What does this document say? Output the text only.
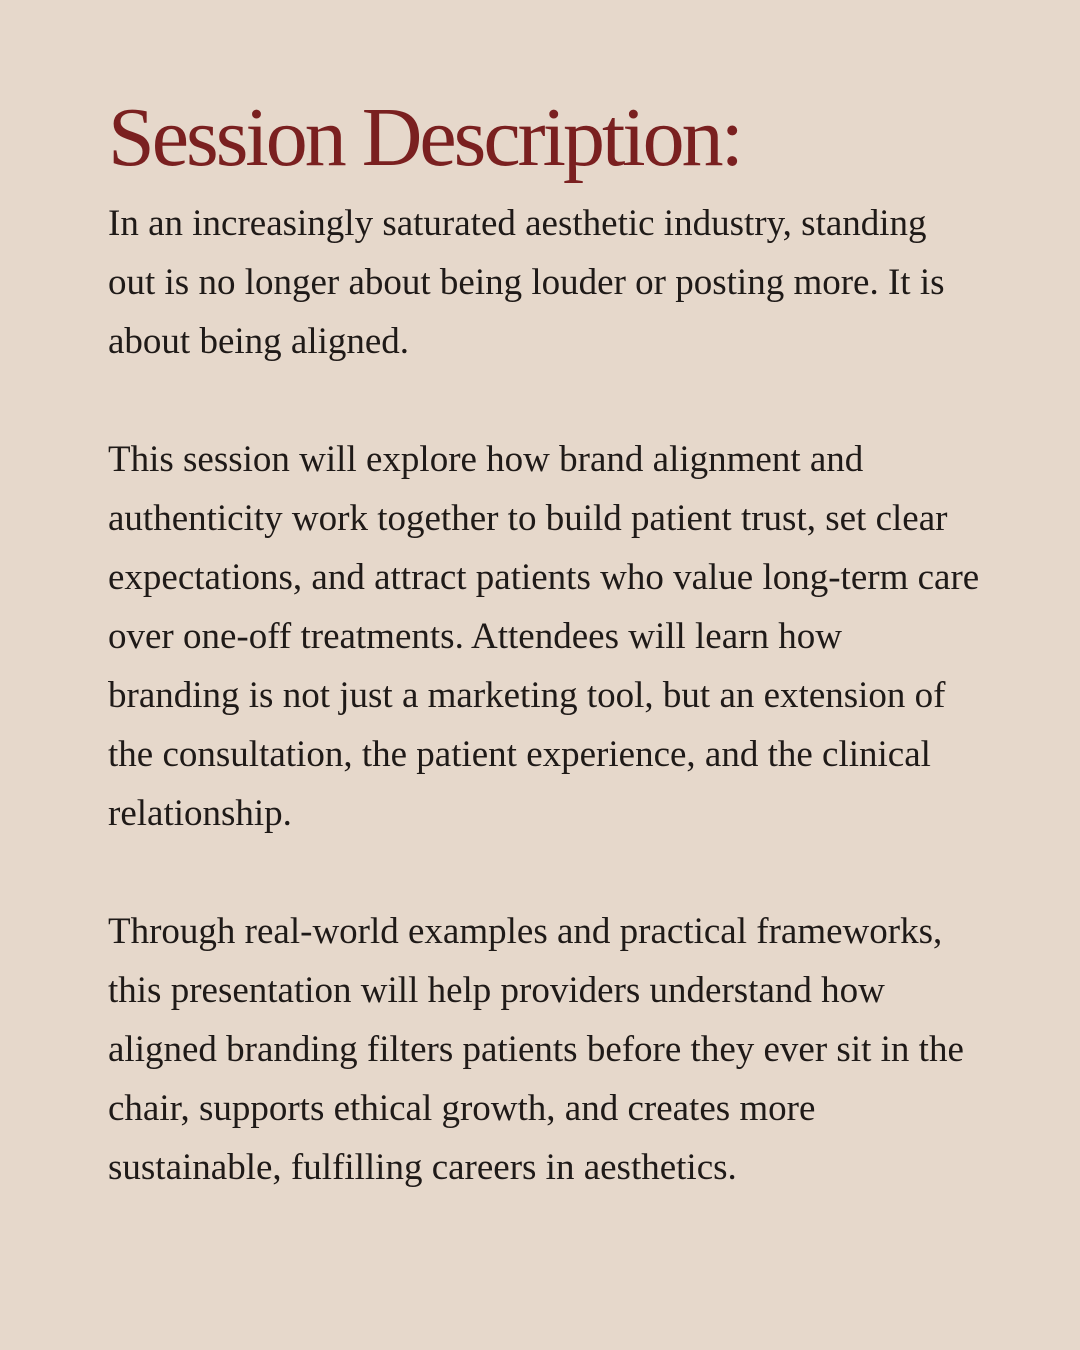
Session Description:

In an increasingly saturated aesthetic industry, standing out is no longer about being louder or posting more. It is about being aligned.

This session will explore how brand alignment and authenticity work together to build patient trust, set clear expectations, and attract patients who value long-term care over one-off treatments. Attendees will learn how branding is not just a marketing tool, but an extension of the consultation, the patient experience, and the clinical relationship.

Through real-world examples and practical frameworks, this presentation will help providers understand how aligned branding filters patients before they ever sit in the chair, supports ethical growth, and creates more sustainable, fulfilling careers in aesthetics.
